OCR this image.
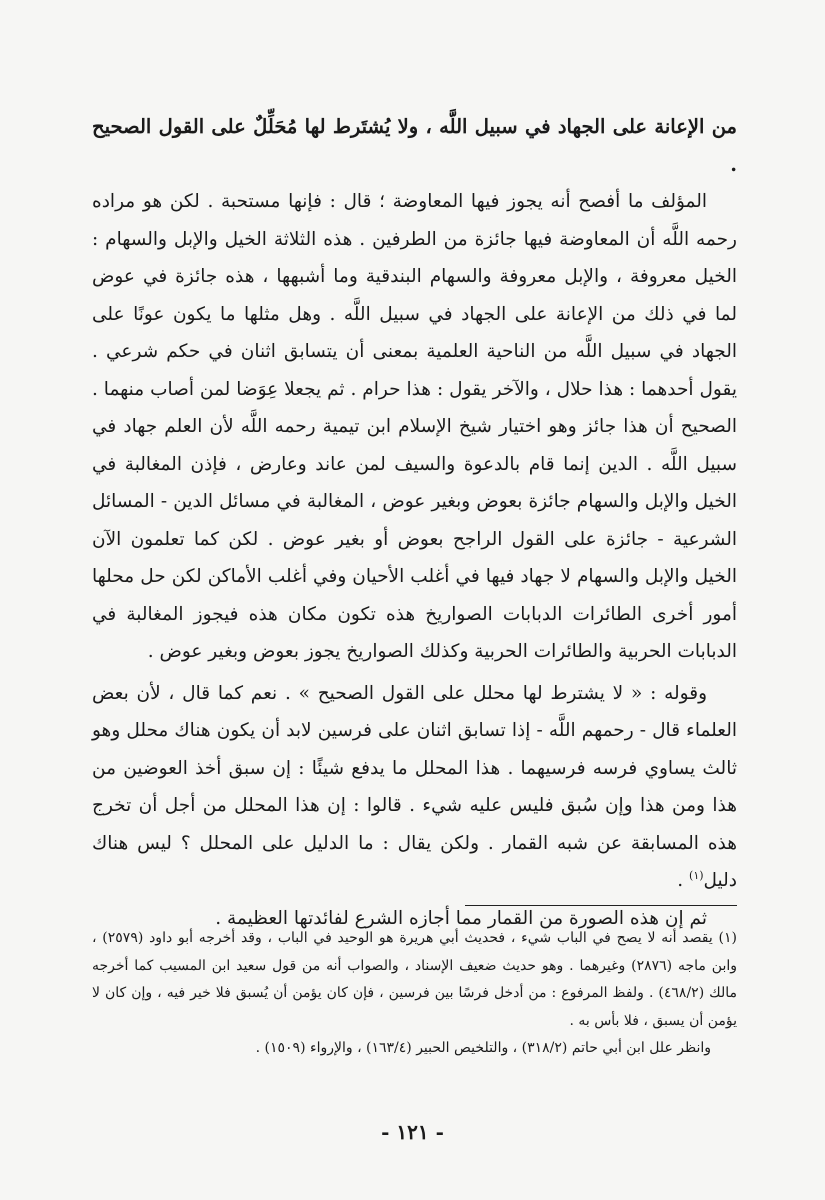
من الإعانة على الجهاد في سبيل اللَّه ، ولا يُشتَرط لها مُحَلِّلٌ على القول الصحيح .

المؤلف ما أفصح أنه يجوز فيها المعاوضة ؛ قال : فإنها مستحبة . لكن هو مراده رحمه اللَّه أن المعاوضة فيها جائزة من الطرفين . هذه الثلاثة الخيل والإبل والسهام : الخيل معروفة ، والإبل معروفة والسهام البندقية وما أشبهها ، هذه جائزة في عوض لما في ذلك من الإعانة على الجهاد في سبيل اللَّه . وهل مثلها ما يكون عونًا على الجهاد في سبيل اللَّه من الناحية العلمية بمعنى أن يتسابق اثنان في حكم شرعي . يقول أحدهما : هذا حلال ، والآخر يقول : هذا حرام . ثم يجعلا عِوَضا لمن أصاب منهما . الصحيح أن هذا جائز وهو اختيار شيخ الإسلام ابن تيمية رحمه اللَّه لأن العلم جهاد في سبيل اللَّه . الدين إنما قام بالدعوة والسيف لمن عاند وعارض ، فإذن المغالبة في الخيل والإبل والسهام جائزة بعوض وبغير عوض ، المغالبة في مسائل الدين - المسائل الشرعية - جائزة على القول الراجح بعوض أو بغير عوض . لكن كما تعلمون الآن الخيل والإبل والسهام لا جهاد فيها في أغلب الأحيان وفي أغلب الأماكن لكن حل محلها أمور أخرى الطائرات الدبابات الصواريخ هذه تكون مكان هذه فيجوز المغالبة في الدبابات الحربية والطائرات الحربية وكذلك الصواريخ يجوز بعوض وبغير عوض .

وقوله : « لا يشترط لها محلل على القول الصحيح » . نعم كما قال ، لأن بعض العلماء قال - رحمهم اللَّه - إذا تسابق اثنان على فرسين لابد أن يكون هناك محلل وهو ثالث يساوي فرسه فرسيهما . هذا المحلل ما يدفع شيئًا : إن سبق أخذ العوضين من هذا ومن هذا وإن سُبق فليس عليه شيء . قالوا : إن هذا المحلل من أجل أن تخرج هذه المسابقة عن شبه القمار . ولكن يقال : ما الدليل على المحلل ؟ ليس هناك دليل$^{(١)}$ .

ثم إن هذه الصورة من القمار مما أجازه الشرع لفائدتها العظيمة .

(١) يقصد أنه لا يصح في الباب شيء ، فحديث أبي هريرة هو الوحيد في الباب ، وقد أخرجه أبو داود (٢٥٧٩) ، وابن ماجه (٢٨٧٦) وغيرهما . وهو حديث ضعيف الإسناد ، والصواب أنه من قول سعيد ابن المسيب كما أخرجه مالك (٤٦٨/٢) . ولفظ المرفوع : من أدخل فرسًا بين فرسين ، فإن كان يؤمن أن يُسبق فلا خير فيه ، وإن كان لا يؤمن أن يسبق ، فلا بأس به .

وانظر علل ابن أبي حاتم (٣١٨/٢) ، والتلخيص الحبير (١٦٣/٤) ، والإرواء (١٥٠٩) .

- ١٢١ -
